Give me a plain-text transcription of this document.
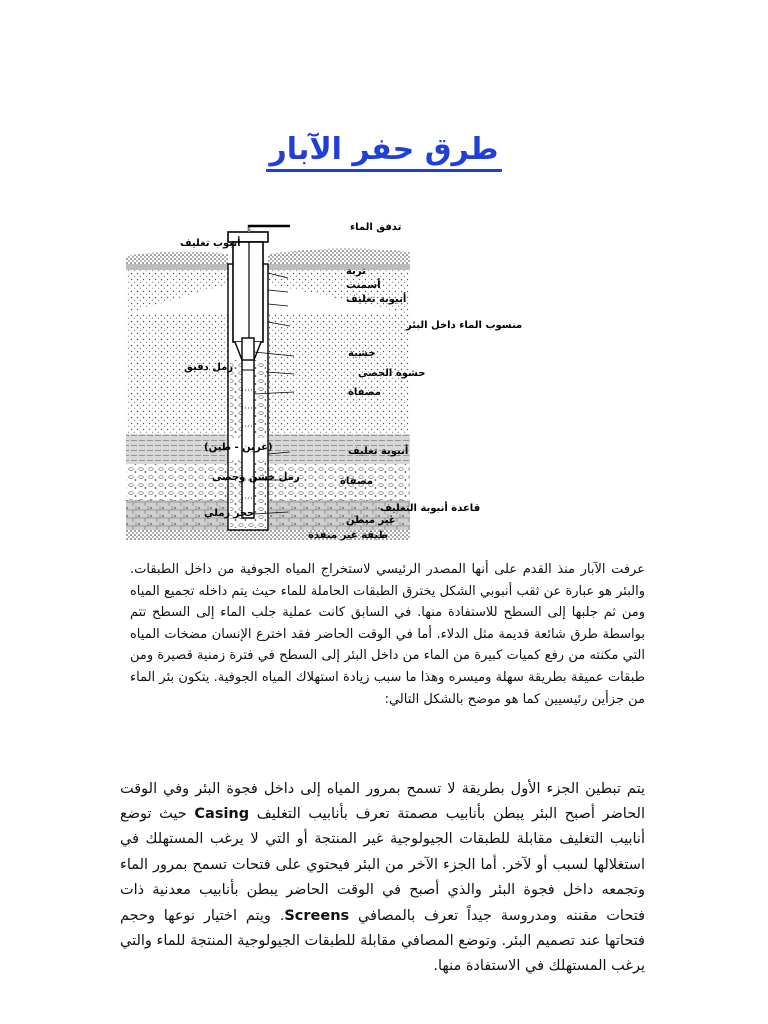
طرق حفر الآبار
تدفق الماء
أنبوب تغليف
تربة
أسمنت
أنبوبة تغليف
منسوب الماء داخل البئر
رمل دقيق
حشية
حشوة الحصى
مصفاة
(غرين - طين)	أنبوبة تغليف
رمل خشن وحصى	مصفاة
حجر رملي	قاعدة أنبوبة التغليف
غير مبطن
طبقة غير منفذة

عرفت الآبار منذ القدم على أنها المصدر الرئيسي لاستخراج المياه الجوفية من داخل الطبقات. والبئر هو عبارة عن ثقب أنبوبي الشكل يخترق الطبقات الحاملة للماء حيث يتم داخله تجميع المياه ومن ثم جلبها إلى السطح للاستفادة منها. في السابق كانت عملية جلب الماء إلى السطح تتم بواسطة طرق شائعة قديمة مثل الدلاء. أما في الوقت الحاضر فقد اخترع الإنسان مضخات المياه التي مكنته من رفع كميات كبيرة من الماء من داخل البئر إلى السطح في فترة زمنية قصيرة ومن طبقات عميقة بطريقة سهلة وميسره وهذا ما سبب زيادة استهلاك المياه الجوفية. يتكون بئر الماء من جزأين رئيسيين كما هو موضح بالشكل التالي:

يتم تبطين الجزء الأول بطريقة لا تسمح بمرور المياه إلى داخل فجوة البئر وفي الوقت الحاضر أصبح البئر يبطن بأنابيب مصمتة تعرف بأنابيب التغليف Casing حيث توضع أنابيب التغليف مقابلة للطبقات الجيولوجية غير المنتجة أو التي لا يرغب المستهلك في استغلالها لسبب أو لآخر. أما الجزء الآخر من البئر فيحتوي على فتحات تسمح بمرور الماء وتجمعه داخل فجوة البئر والذي أصبح في الوقت الحاضر يبطن بأنابيب معدنية ذات فتحات مقننه ومدروسة جيداً تعرف بالمصافي Screens. ويتم اختيار نوعها وحجم فتحاتها عند تصميم البئر. وتوضع المصافي مقابلة للطبقات الجيولوجية المنتجة للماء والتي يرغب المستهلك في الاستفادة منها.
